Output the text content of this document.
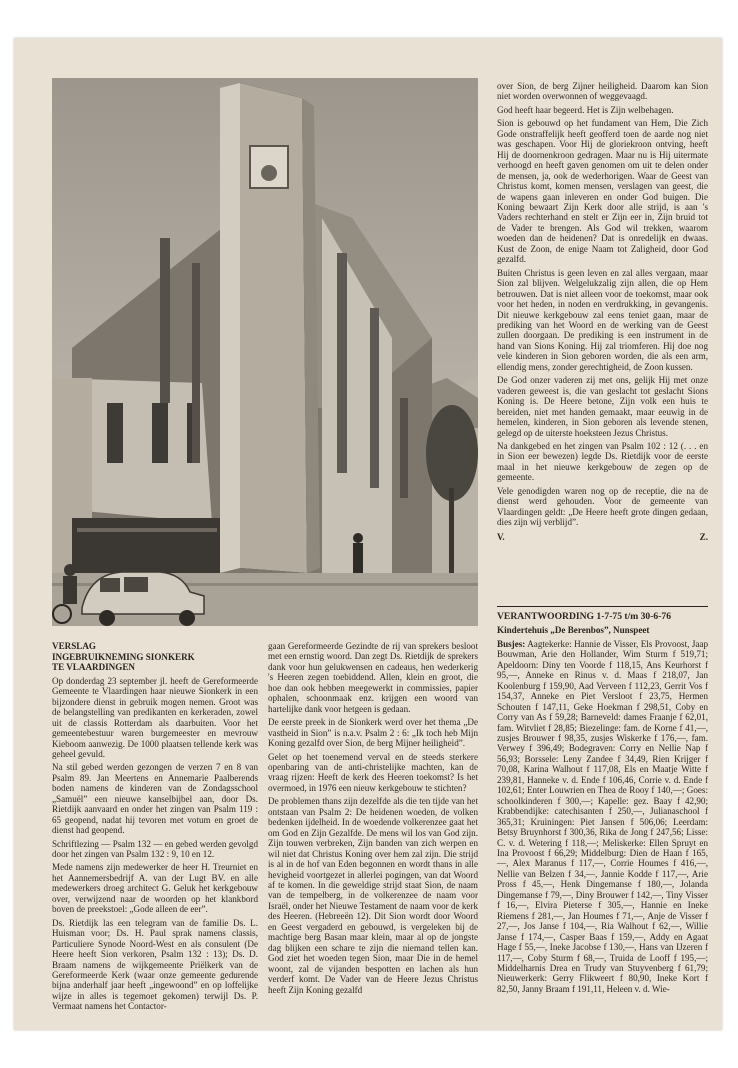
over Sion, de berg Zijner heiligheid. Daarom kan Sion niet worden overwonnen of weggevaagd.

God heeft haar begeerd. Het is Zijn welbehagen.

Sion is gebouwd op het fundament van Hem, Die Zich Gode onstraffelijk heeft geofferd toen de aarde nog niet was geschapen. Voor Hij de gloriekroon ontving, heeft Hij de doornenkroon gedragen. Maar nu is Hij uitermate verhoogd en heeft gaven genomen om uit te delen onder de mensen, ja, ook de wederhorigen. Waar de Geest van Christus komt, komen mensen, verslagen van geest, die de wapens gaan inleveren en onder God buigen. Die Koning bewaart Zijn Kerk door alle strijd, is aan 's Vaders rechterhand en stelt er Zijn eer in, Zijn bruid tot de Vader te brengen. Als God wil trekken, waarom woeden dan de heidenen? Dat is onredelijk en dwaas. Kust de Zoon, de enige Naam tot Zaligheid, door God gezalfd.

Buiten Christus is geen leven en zal alles vergaan, maar Sion zal blijven. Welgelukzalig zijn allen, die op Hem betrouwen. Dat is niet alleen voor de toekomst, maar ook voor het heden, in noden en verdrukking, in gevangenis. Dit nieuwe kerkgebouw zal eens teniet gaan, maar de prediking van het Woord en de werking van de Geest zullen doorgaan. De prediking is een instrument in de hand van Sions Koning. Hij zal triomferen. Hij doe nog vele kinderen in Sion geboren worden, die als een arm, ellendig mens, zonder gerechtigheid, de Zoon kussen.

De God onzer vaderen zij met ons, gelijk Hij met onze vaderen geweest is, die van geslacht tot geslacht Sions Koning is. De Heere betone, Zijn volk een huis te bereiden, niet met handen gemaakt, maar eeuwig in de hemelen, kinderen, in Sion geboren als levende stenen, gelegd op de uiterste hoeksteen Jezus Christus.

Na dankgebed en het zingen van Psalm 102 : 12 (. . . en in Sion eer bewezen) legde Ds. Rietdijk voor de eerste maal in het nieuwe kerkgebouw de zegen op de gemeente.

Vele genodigden waren nog op de receptie, die na de dienst werd gehouden. Voor de gemeente van Vlaardingen geldt: „De Heere heeft grote dingen gedaan, dies zijn wij verblijd”.

V.	Z.
VERANTWOORDING 1-7-75 t/m 30-6-76
Kindertehuis „De Berenbos”, Nunspeet

Busjes: Aagtekerke: Hannie de Visser, Els Provoost, Jaap Bouwman, Arie den Hollander, Wim Sturm f 519,71; Apeldoorn: Diny ten Voorde f 118,15, Ans Keurhorst f 95,—, Anneke en Rinus v. d. Maas f 218,07, Jan Koolenburg f 159,90, Aad Verveen f 112,23, Gerrit Vos f 154,37, Anneke en Piet Versloot f 23,75, Hermen Schouten f 147,11, Geke Hoekman f 298,51, Coby en Corry van As f 59,28; Barneveld: dames Fraanje f 62,01, fam. Witvliet f 28,85; Biezelinge: fam. de Korne f 41,—, zusjes Brouwer f 98,35, zusjes Wiskerke f 176,—, fam. Verwey f 396,49; Bodegraven: Corry en Nellie Nap f 56,93; Borssele: Leny Zandee f 34,49, Rien Krijger f 70,08, Karina Walhout f 117,08, Els en Maatje Witte f 239,81, Hanneke v. d. Ende f 106,46, Corrie v. d. Ende f 102,61; Enter Louwrien en Thea de Rooy f 140,—; Goes: schoolkinderen f 300,—; Kapelle: gez. Baay f 42,90; Krabbendijke: catechisanten f 250,—, Julianaschool f 365,31; Kruiningen: Piet Jansen f 506,06; Leerdam: Betsy Bruynhorst f 300,36, Rika de Jong f 247,56; Lisse: C. v. d. Wetering f 118,—; Meliskerke: Ellen Spruyt en Ina Provoost f 66,29; Middelburg: Dien de Haan f 165,—, Alex Maranus f 117,—, Corrie Houmes f 416,—, Nellie van Belzen f 34,—, Jannie Kodde f 117,—, Arie Pross f 45,—, Henk Dingemanse f 180,—, Jolanda Dingemanse f 79,—, Diny Brouwer f 142,—, Tiny Visser f 16,—, Elvira Pieterse f 305,—, Hannie en Ineke Riemens f 281,—, Jan Houmes f 71,—, Anje de Visser f 27,—, Jos Janse f 104,—, Ria Walhout f 62,—, Willie Janse f 174,—, Casper Baas f 159,—, Addy en Agaat Hage f 55,—, Ineke Jacobse f 130,—, Hans van IJzeren f 117,—, Coby Sturm f 68,—, Truida de Looff f 195,—; Middelharnis Drea en Trudy van Stuyvenberg f 61,79; Nieuwerkerk: Gerry Flikweert f 80,90, Ineke Kort f 82,50, Janny Braam f 191,11, Heleen v. d. Wie-

VERSLAG
INGEBRUIKNEMING SIONKERK
TE VLAARDINGEN

Op donderdag 23 september jl. heeft de Gereformeerde Gemeente te Vlaardingen haar nieuwe Sionkerk in een bijzondere dienst in gebruik mogen nemen. Groot was de belangstelling van predikanten en kerkeraden, zowel uit de classis Rotterdam als daarbuiten. Voor het gemeentebestuur waren burgemeester en mevrouw Kieboom aanwezig. De 1000 plaatsen tellende kerk was geheel gevuld.

Na stil gebed werden gezongen de verzen 7 en 8 van Psalm 89. Jan Meertens en Annemarie Paalberends boden namens de kinderen van de Zondagsschool „Samuël” een nieuwe kanselbijbel aan, door Ds. Rietdijk aanvaard en onder het zingen van Psalm 119 : 65 geopend, nadat hij tevoren met votum en groet de dienst had geopend.

Schriftlezing — Psalm 132 — en gebed werden gevolgd door het zingen van Psalm 132 : 9, 10 en 12.

Mede namens zijn medewerker de heer H. Treurniet en het Aannemersbedrijf A. van der Lugt BV. en alle medewerkers droeg architect G. Geluk het kerkgebouw over, verwijzend naar de woorden op het klankbord boven de preekstoel: „Gode alleen de eer”.

Ds. Rietdijk las een telegram van de familie Ds. L. Huisman voor; Ds. H. Paul sprak namens classis, Particuliere Synode Noord-West en als consulent (De Heere heeft Sion verkoren, Psalm 132 : 13); Ds. D. Braam namens de wijkgemeente Priëlkerk van de Gereformeerde Kerk (waar onze gemeente gedurende bijna anderhalf jaar heeft „ingewoond” en op loffelijke wijze in alles is tegemoet gekomen) terwijl Ds. P. Vermaat namens het Contactor-

gaan Gereformeerde Gezindte de rij van sprekers besloot met een ernstig woord. Dan zegt Ds. Rietdijk de sprekers dank voor hun gelukwensen en cadeaus, hen wederkerig 's Heeren zegen toebiddend. Allen, klein en groot, die hoe dan ook hebben meegewerkt in commissies, papier ophalen, schoonmaak enz. krijgen een woord van hartelijke dank voor hetgeen is gedaan.

De eerste preek in de Sionkerk werd over het thema „De vastheid in Sion” is n.a.v. Psalm 2 : 6: „Ik toch heb Mijn Koning gezalfd over Sion, de berg Mijner heiligheid”.

Gelet op het toenemend verval en de steeds sterkere openbaring van de anti-christelijke machten, kan de vraag rijzen: Heeft de kerk des Heeren toekomst? Is het overmoed, in 1976 een nieuw kerkgebouw te stichten?

De problemen thans zijn dezelfde als die ten tijde van het ontstaan van Psalm 2: De heidenen woeden, de volken bedenken ijdelheid. In de woedende volkerenzee gaat het om God en Zijn Gezalfde. De mens wil los van God zijn. Zijn touwen verbreken, Zijn banden van zich werpen en wil niet dat Christus Koning over hem zal zijn. Die strijd is al in de hof van Eden begonnen en wordt thans in alle hevigheid voortgezet in allerlei pogingen, van dat Woord af te komen. In die geweldige strijd staat Sion, de naam van de tempelberg, in de volkerenzee de naam voor Israël, onder het Nieuwe Testament de naam voor de kerk des Heeren. (Hebreeën 12). Dit Sion wordt door Woord en Geest vergaderd en gebouwd, is vergeleken bij de machtige berg Basan maar klein, maar al op de jongste dag blijken een schare te zijn die niemand tellen kan. God ziet het woeden tegen Sion, maar Die in de hemel woont, zal de vijanden bespotten en lachen als hun verderf komt. De Vader van de Heere Jezus Christus heeft Zijn Koning gezalfd
